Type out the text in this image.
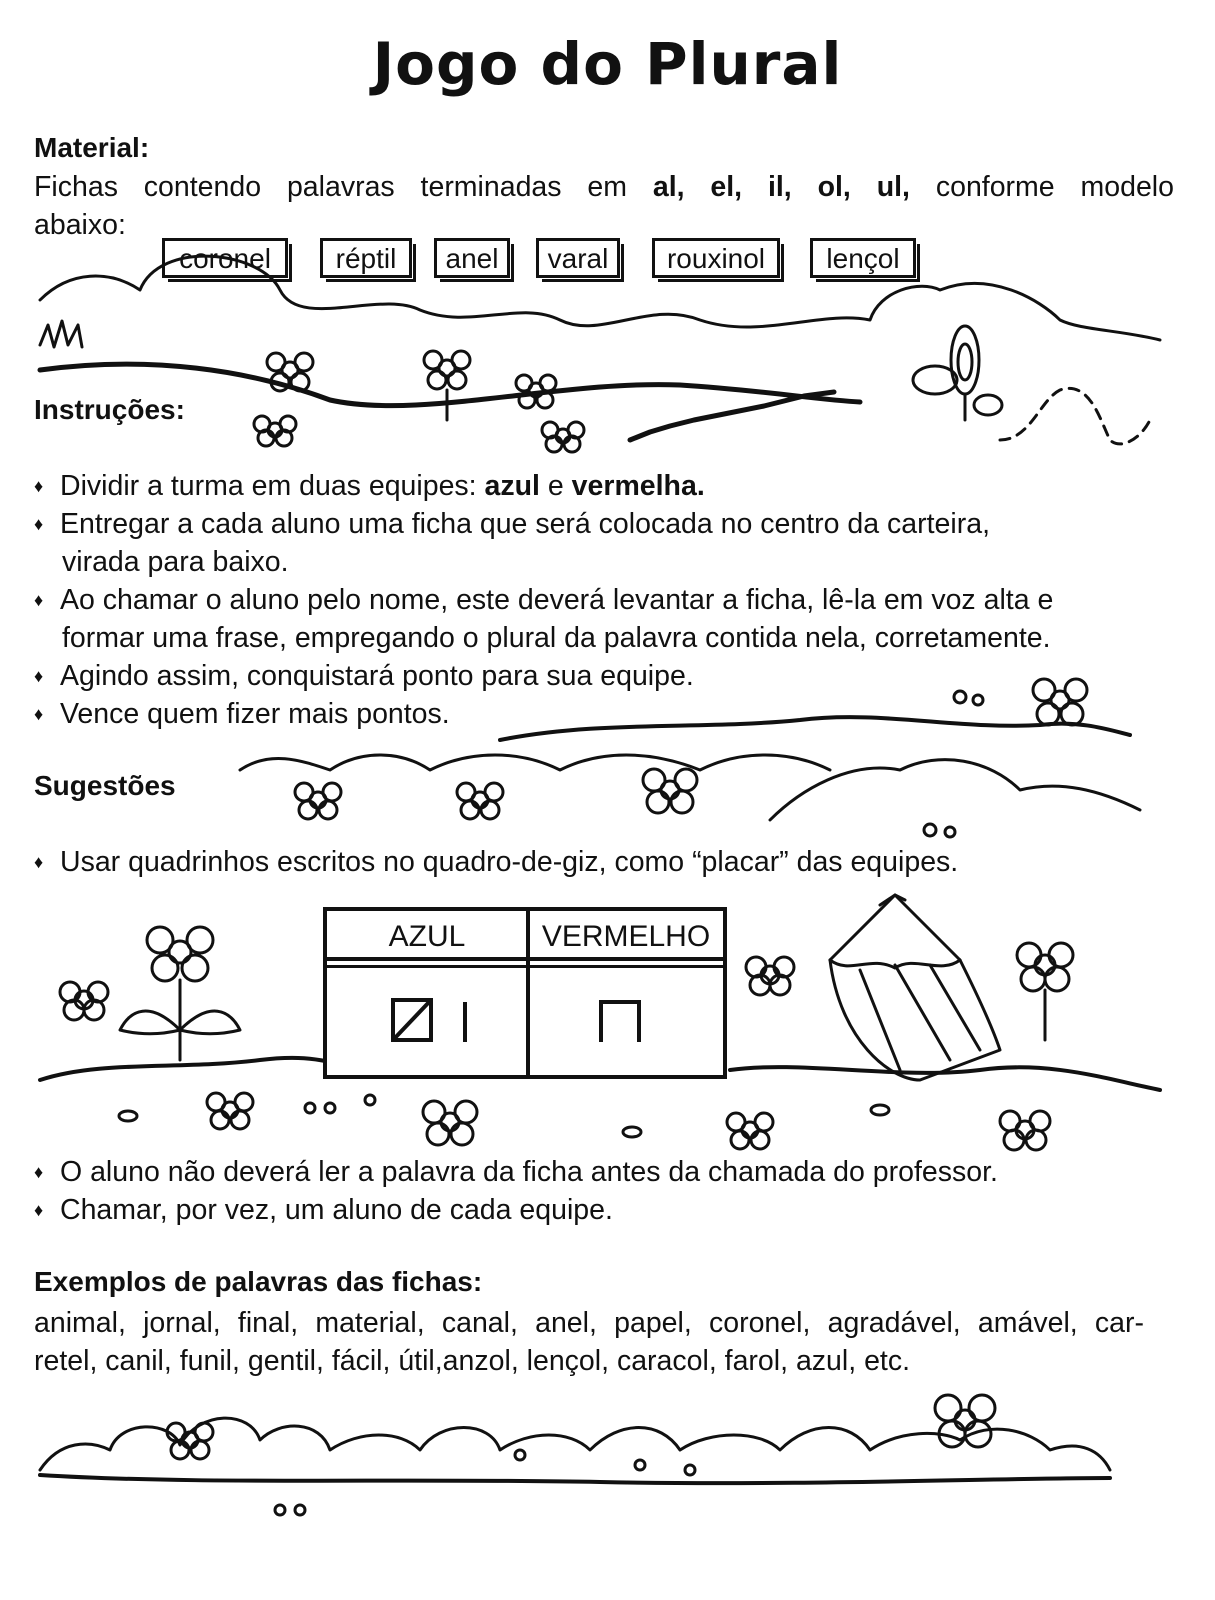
Jogo do Plural
Material:
Fichas contendo palavras terminadas em al, el, il, ol, ul, conforme modelo
abaixo:
coronel	réptil	anel	varal	rouxinol	lençol
Instruções:
♦ Dividir a turma em duas equipes: azul e vermelha.
♦ Entregar a cada aluno uma ficha que será colocada no centro da carteira,
virada para baixo.
♦ Ao chamar o aluno pelo nome, este deverá levantar a ficha, lê-la em voz alta e
formar uma frase, empregando o plural da palavra contida nela, corretamente.
♦ Agindo assim, conquistará ponto para sua equipe.
♦ Vence quem fizer mais pontos.
Sugestões
♦ Usar quadrinhos escritos no quadro-de-giz, como “placar” das equipes.
AZUL	VERMELHO
♦ O aluno não deverá ler a palavra da ficha antes da chamada do professor.
♦ Chamar, por vez, um aluno de cada equipe.
Exemplos de palavras das fichas:
animal, jornal, final, material, canal, anel, papel, coronel, agradável, amável, car-
retel, canil, funil, gentil, fácil, útil,anzol, lençol, caracol, farol, azul, etc.
